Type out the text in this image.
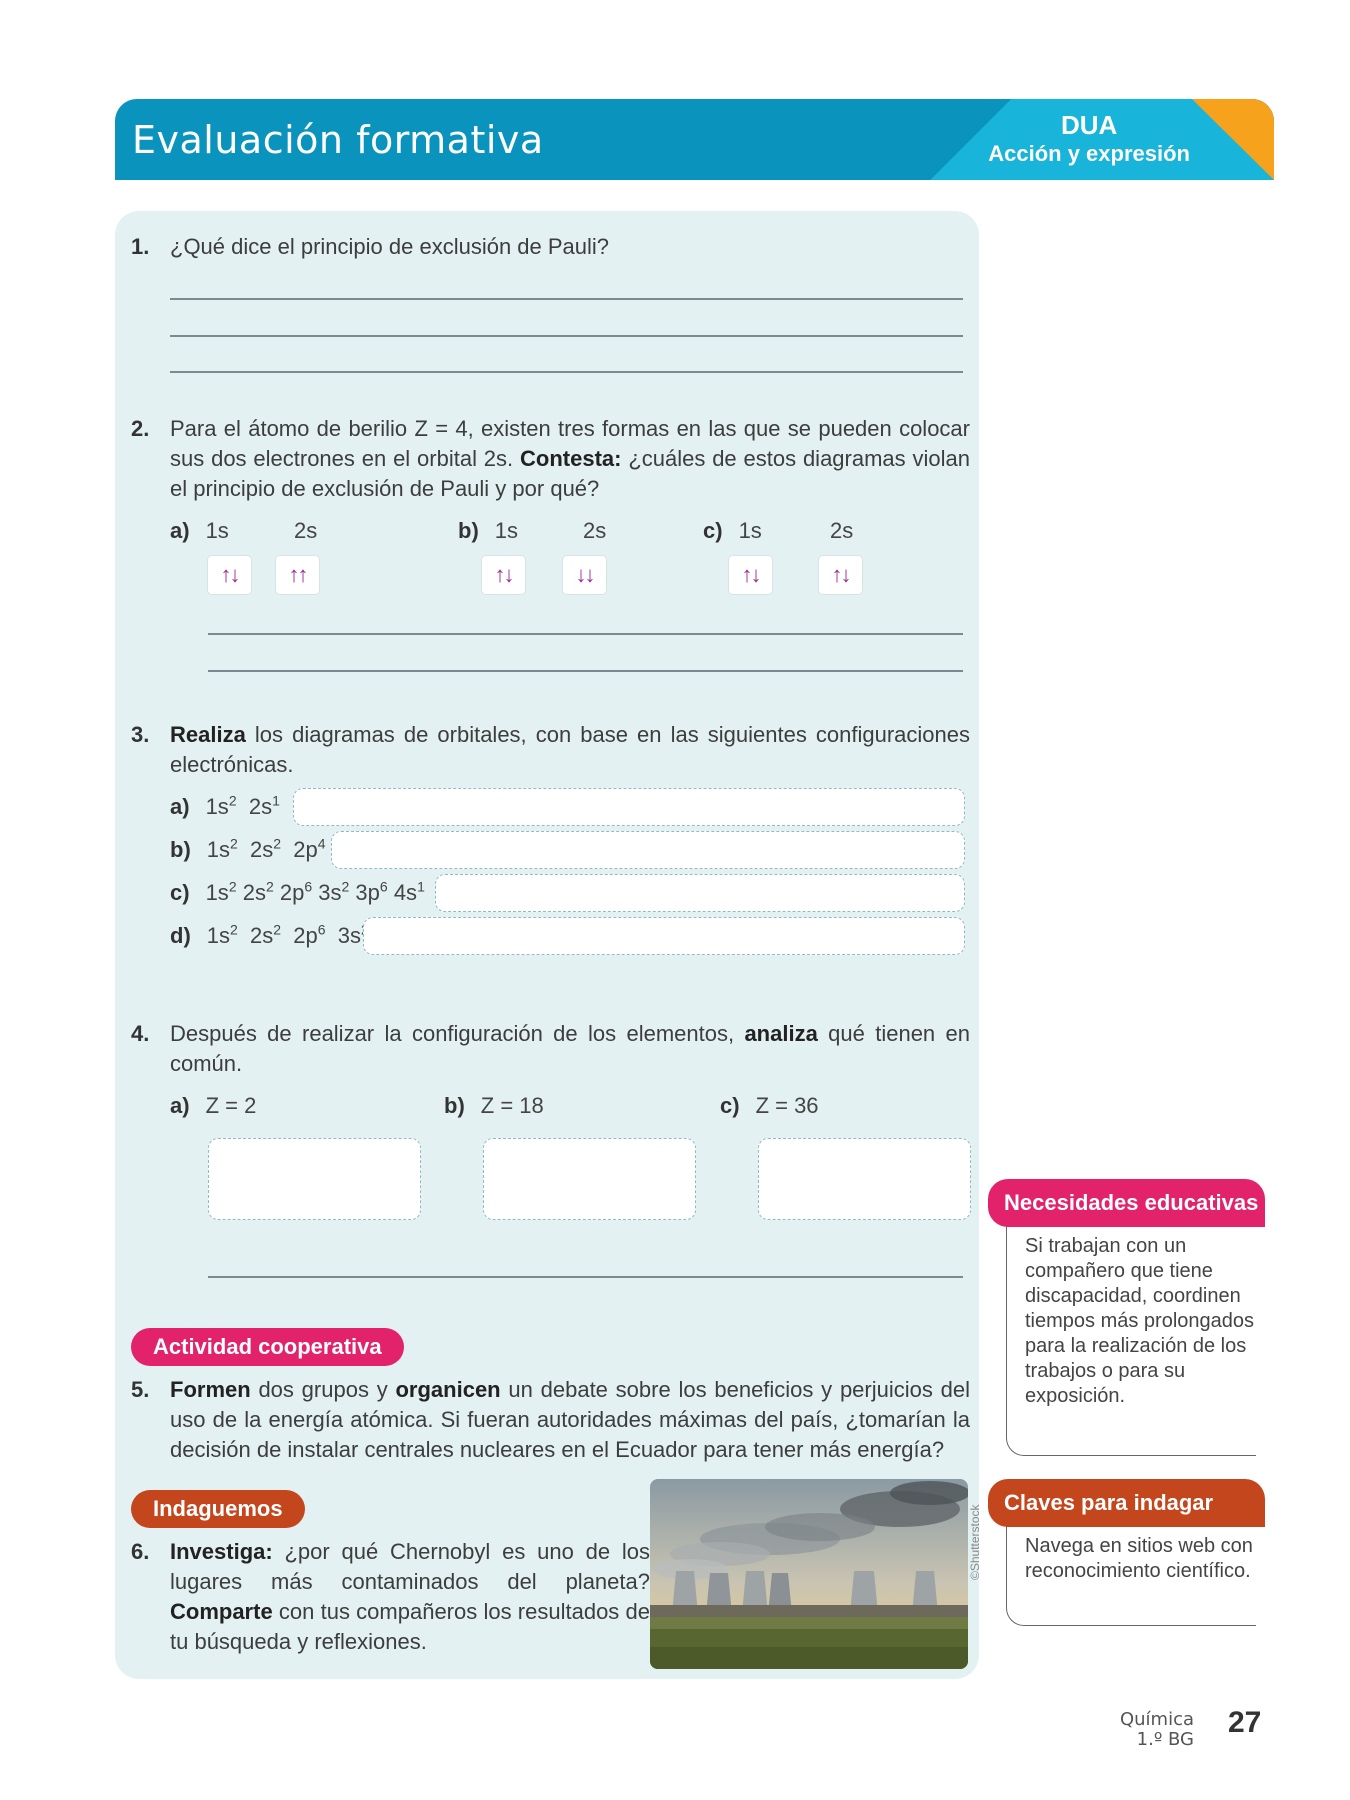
Evaluación formativa	DUA
Acción y expresión
1. ¿Qué dice el principio de exclusión de Pauli?
2. Para el átomo de berilio Z = 4, existen tres formas en las que se pueden colocar sus dos electrones en el orbital 2s. Contesta: ¿cuáles de estos diagramas violan el principio de exclusión de Pauli y por qué?
a) 1s	2s
↑↓	↑↑
b) 1s	2s
↑↓	↓↓
c) 1s	2s
↑↓	↑↓
3. Realiza los diagramas de orbitales, con base en las siguientes configuraciones electrónicas.
a) $1s^2$  $2s^1$
b) $1s^2$  $2s^2$  $2p^4$
c) $1s^2$ $2s^2$ $2p^6$ $3s^2$ $3p^6$ $4s^1$
d) $1s^2$  $2s^2$  $2p^6$  3s
4. Después de realizar la configuración de los elementos, analiza qué tienen en común.
a) Z = 2	b) Z = 18	c) Z = 36
Actividad cooperativa
5. Formen dos grupos y organicen un debate sobre los beneficios y perjuicios del uso de la energía atómica. Si fueran autoridades máximas del país, ¿tomarían la decisión de instalar centrales nucleares en el Ecuador para tener más energía?
Indaguemos
6. Investiga: ¿por qué Chernobyl es uno de los lugares más contaminados del planeta? Comparte con tus compañeros los resultados de tu búsqueda y reflexiones.
©Shutterstock
Si trabajan con un compañero que tiene discapacidad, coordinen tiempos más prolongados para la realización de los trabajos o para su exposición.
Necesidades educativas
Navega en sitios web con reconocimiento científico.
Claves para indagar
Química
1.º BG
27
